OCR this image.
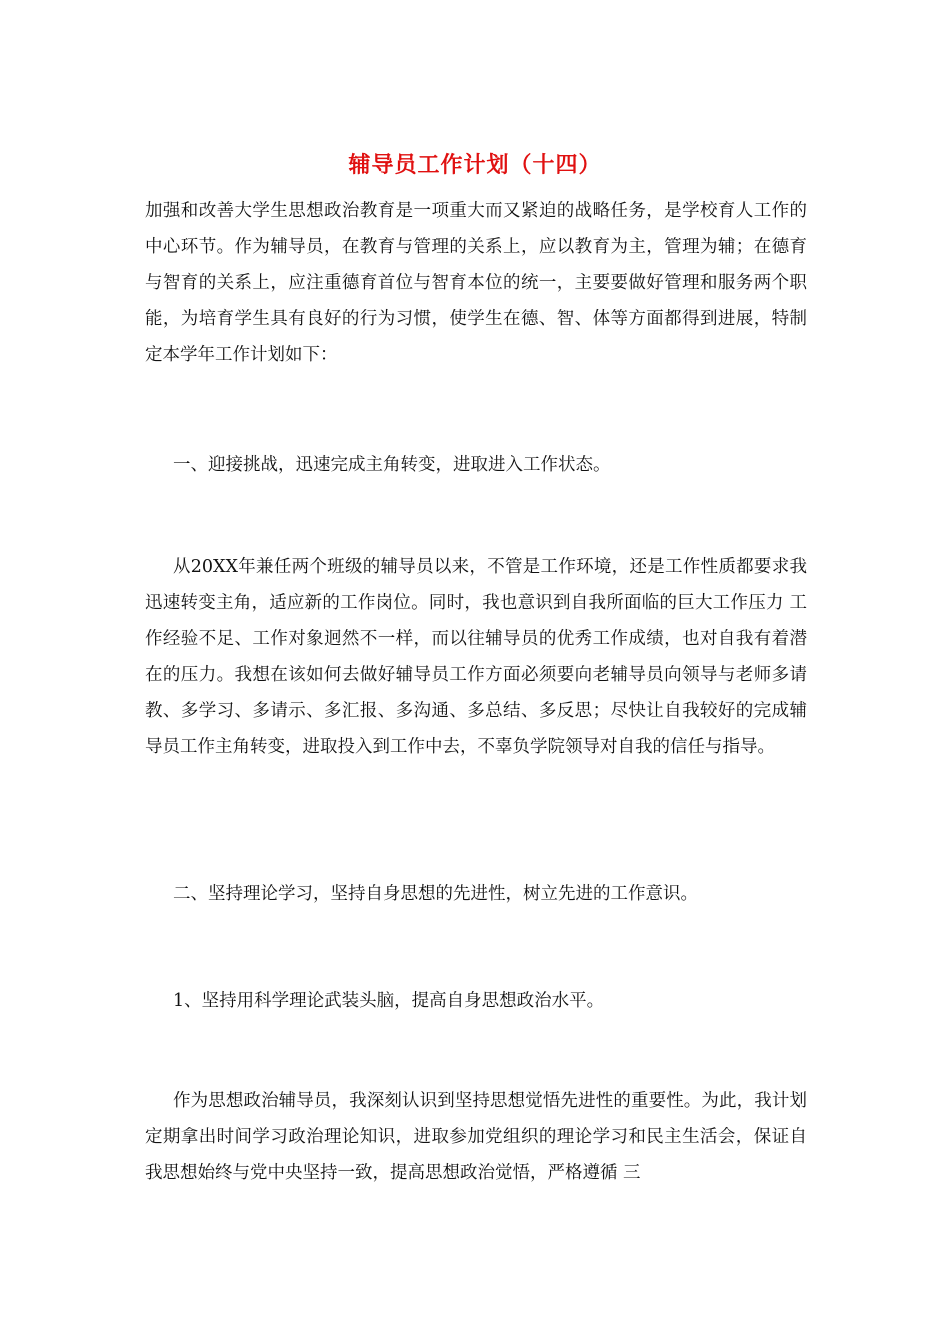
辅导员工作计划（十四）

加强和改善大学生思想政治教育是一项重大而又紧迫的战略任务，是学校育人工作的中心环节。作为辅导员，在教育与管理的关系上，应以教育为主，管理为辅；在德育与智育的关系上，应注重德育首位与智育本位的统一，主要要做好管理和服务两个职能，为培育学生具有良好的行为习惯，使学生在德、智、体等方面都得到进展，特制定本学年工作计划如下：

一、迎接挑战，迅速完成主角转变，进取进入工作状态。

从20XX年兼任两个班级的辅导员以来，不管是工作环境，还是工作性质都要求我迅速转变主角，适应新的工作岗位。同时，我也意识到自我所面临的巨大工作压力 工作经验不足、工作对象迥然不一样，而以往辅导员的优秀工作成绩，也对自我有着潜在的压力。我想在该如何去做好辅导员工作方面必须要向老辅导员向领导与老师多请教、多学习、多请示、多汇报、多沟通、多总结、多反思；尽快让自我较好的完成辅导员工作主角转变，进取投入到工作中去，不辜负学院领导对自我的信任与指导。

二、坚持理论学习，坚持自身思想的先进性，树立先进的工作意识。

1、坚持用科学理论武装头脑，提高自身思想政治水平。

作为思想政治辅导员，我深刻认识到坚持思想觉悟先进性的重要性。为此，我计划定期拿出时间学习政治理论知识，进取参加党组织的理论学习和民主生活会，保证自我思想始终与党中央坚持一致，提高思想政治觉悟，严格遵循 三
